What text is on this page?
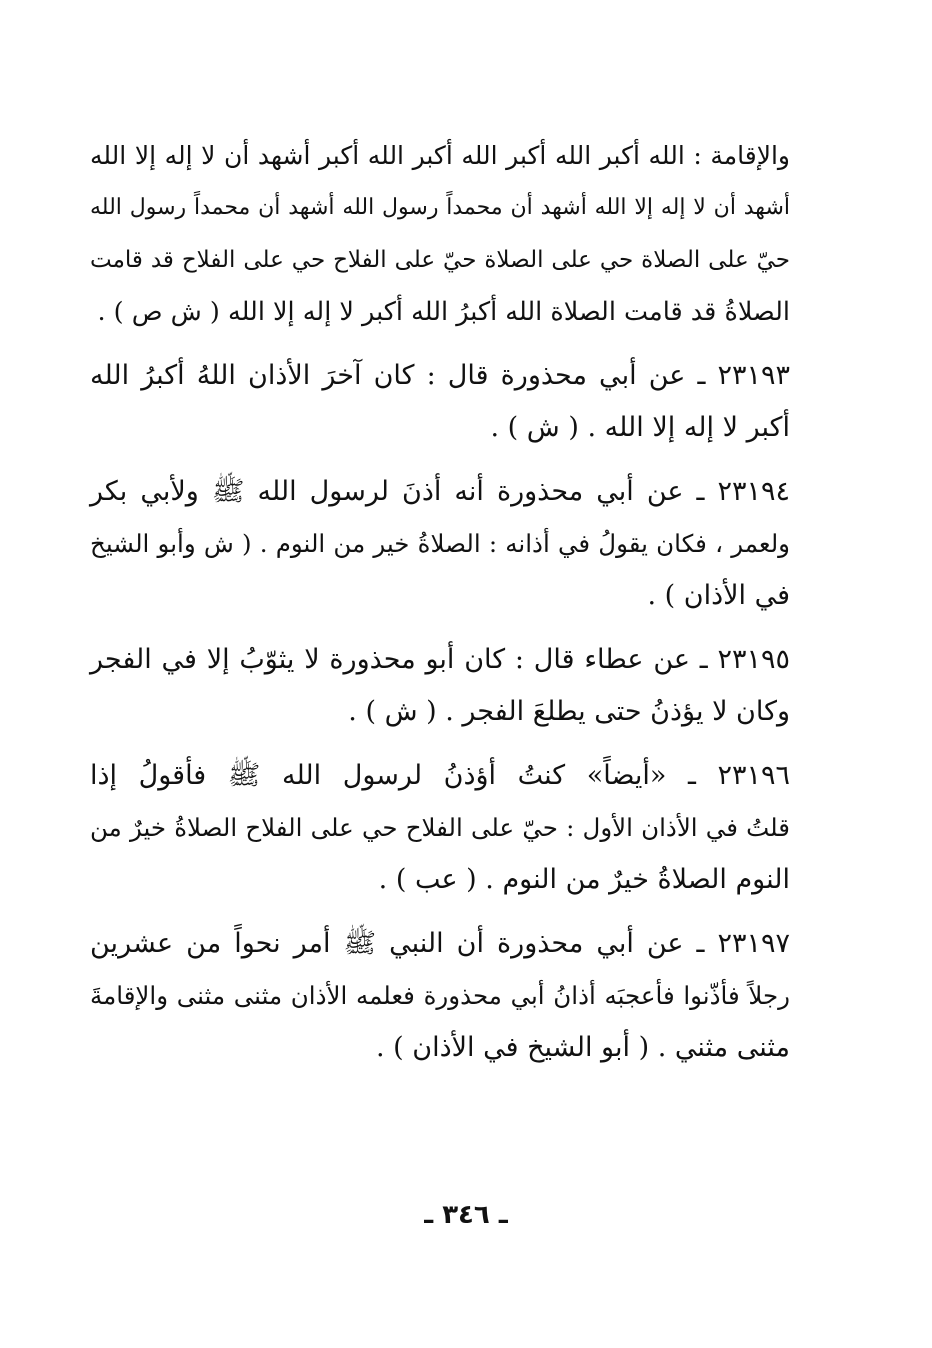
والإقامة : الله أكبر الله أكبر الله أكبر الله أكبر أشهد أن لا إله إلا الله
أشهد أن لا إله إلا الله أشهد أن محمداً رسول الله أشهد أن محمداً رسول الله
حيّ على الصلاة حي على الصلاة حيّ على الفلاح حي على الفلاح قد قامت
الصلاةُ قد قامت الصلاة الله أكبرُ الله أكبر لا إله إلا الله ( ش ص ) .

٢٣١٩٣ ـ عن أبي محذورة قال : كان آخرَ الأذان اللهُ أكبرُ الله
أكبر لا إله إلا الله . ( ش ) .

٢٣١٩٤ ـ عن أبي محذورة أنه أذنَ لرسول الله ﷺ ولأبي بكر
ولعمر ، فكان يقولُ في أذانه : الصلاةُ خير من النوم . ( ش وأبو الشيخ
في الأذان ) .

٢٣١٩٥ ـ عن عطاء قال : كان أبو محذورة لا يثوّبُ إلا في الفجر
وكان لا يؤذنُ حتى يطلعَ الفجر . ( ش ) .

٢٣١٩٦ ـ «أيضاً» كنتُ أؤذنُ لرسول الله ﷺ فأقولُ إذا
قلتُ في الأذان الأول : حيّ على الفلاح حي على الفلاح الصلاةُ خيرٌ من
النوم الصلاةُ خيرٌ من النوم . ( عب ) .

٢٣١٩٧ ـ عن أبي محذورة أن النبي ﷺ أمر نحواً من عشرين
رجلاً فأذّنوا فأعجبَه أذانُ أبي محذورة فعلمه الأذان مثنى مثنى والإقامةَ
مثنى مثني . ( أبو الشيخ في الأذان ) .

ـ ٣٤٦ ـ
